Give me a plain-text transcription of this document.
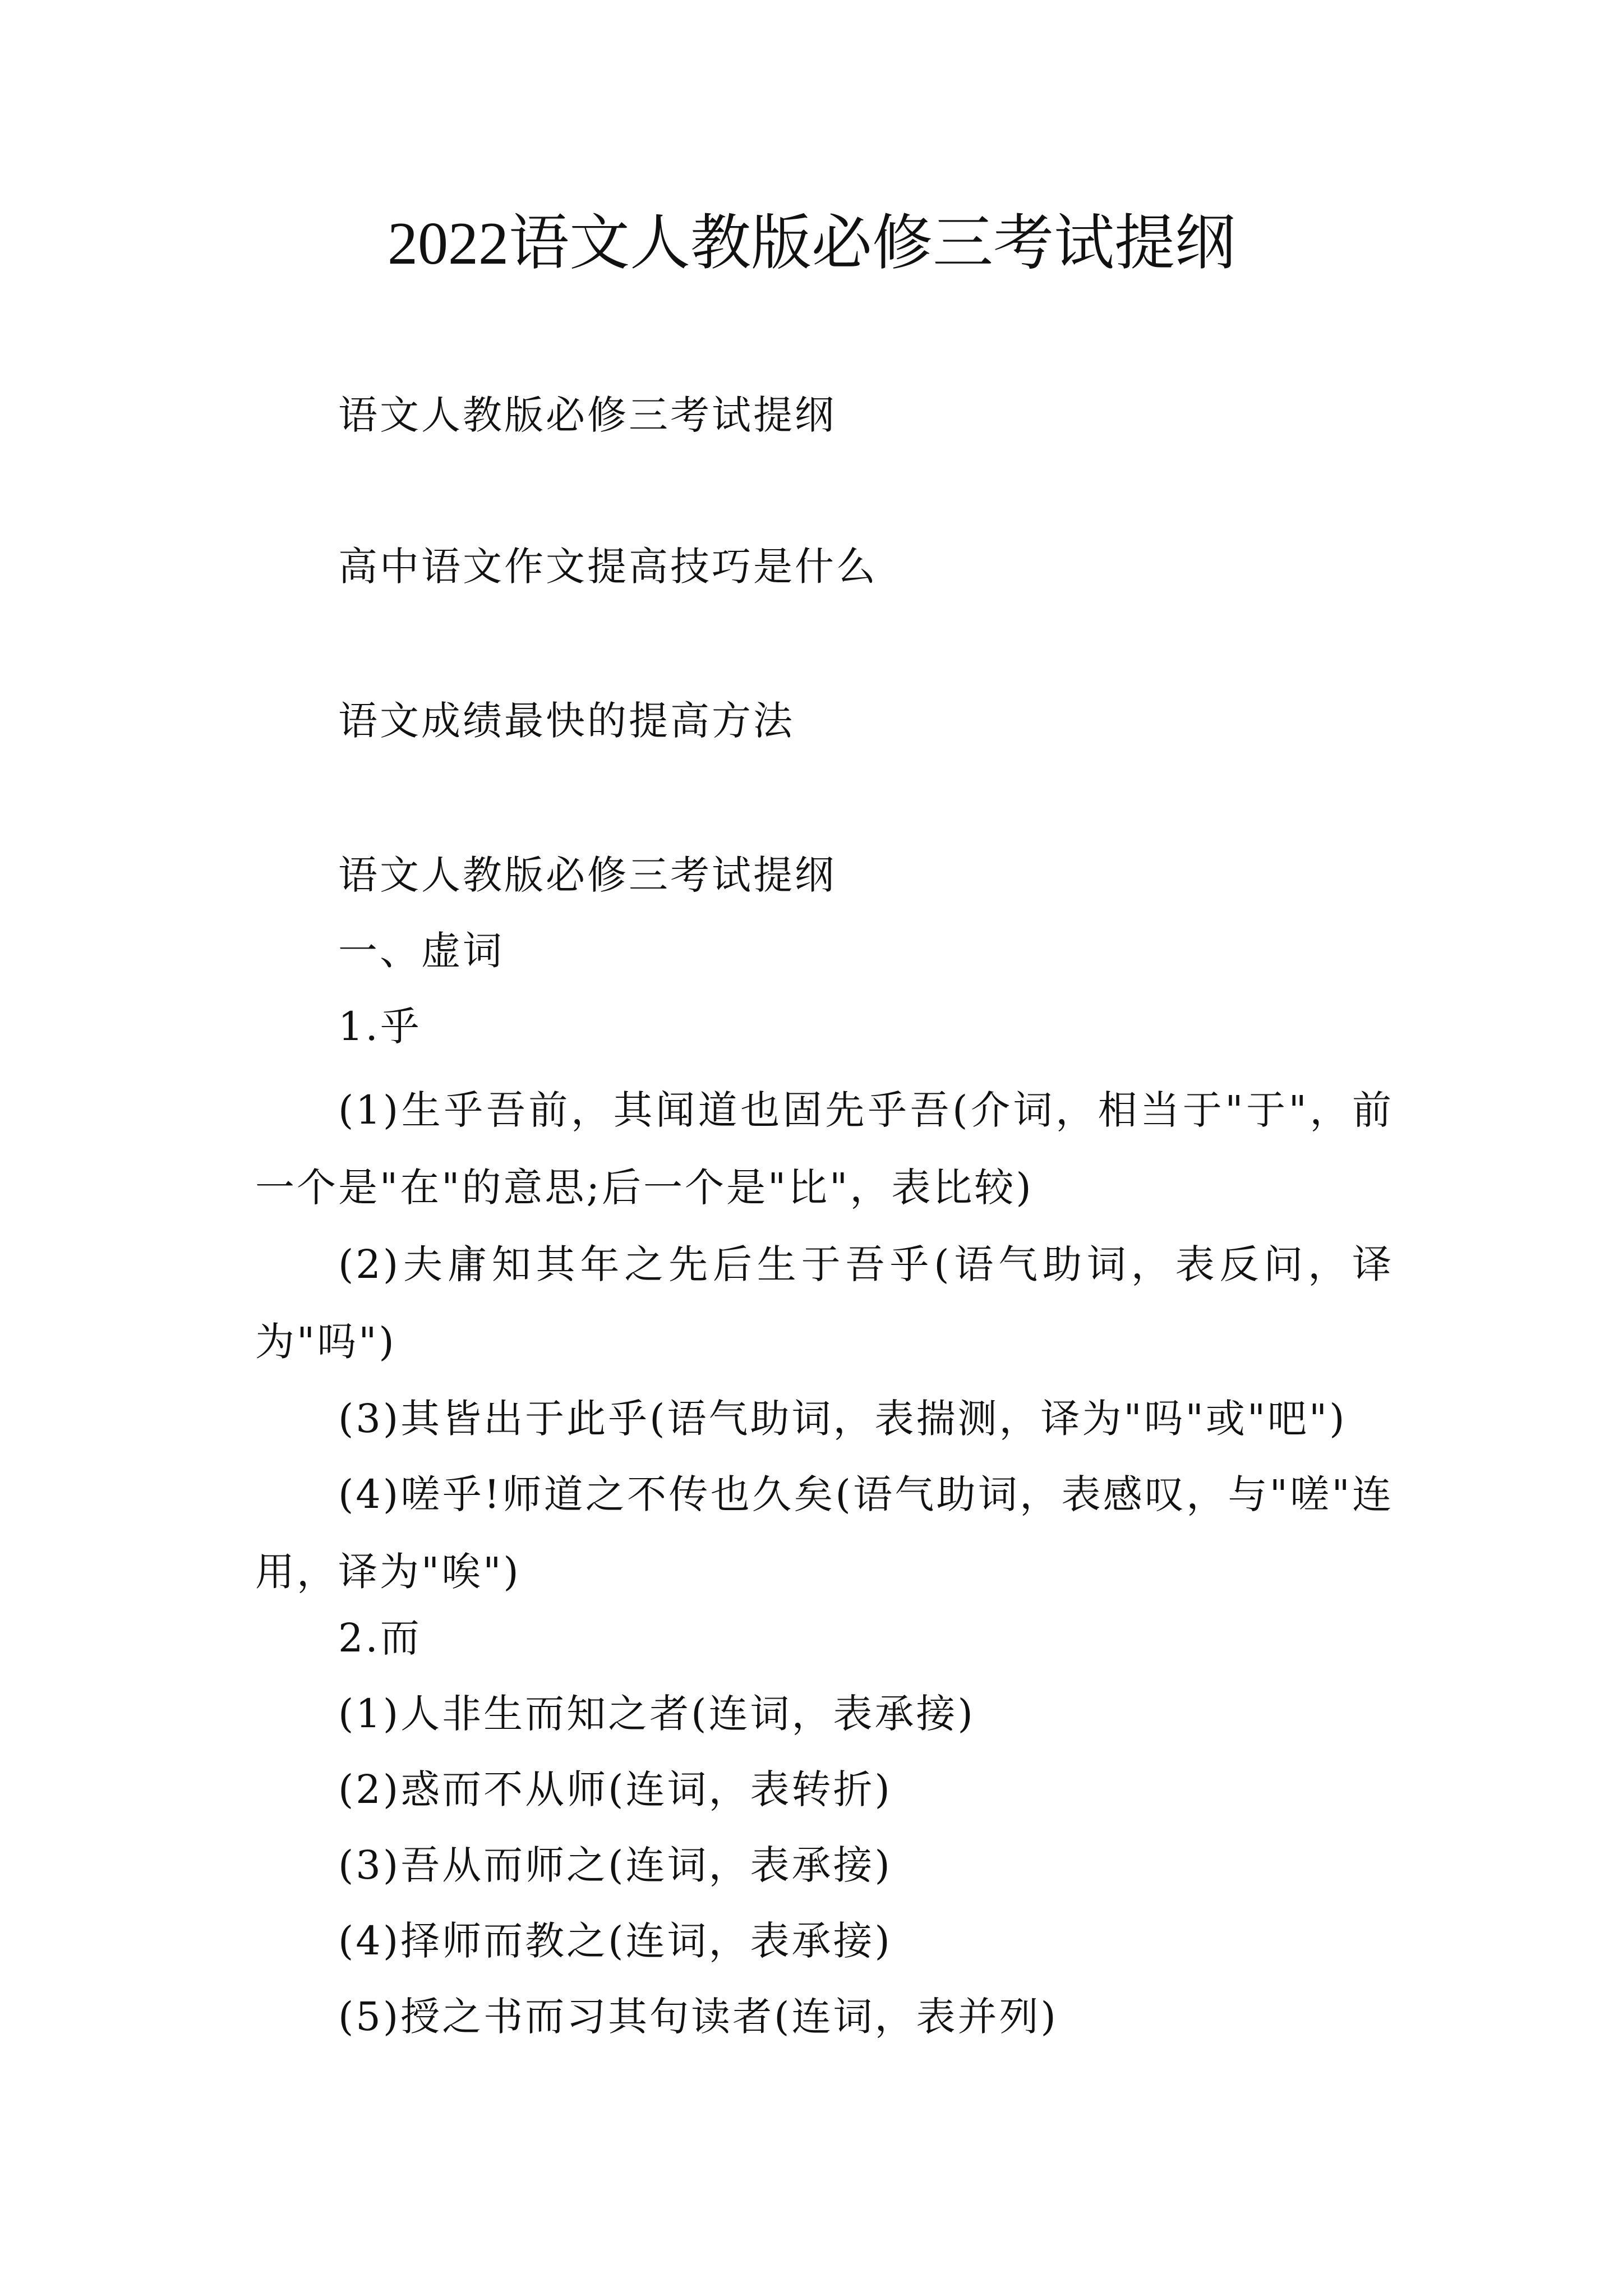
2022语文人教版必修三考试提纲

语文人教版必修三考试提纲

高中语文作文提高技巧是什么

语文成绩最快的提高方法

语文人教版必修三考试提纲

一、虚词

1.乎

(1)生乎吾前，其闻道也固先乎吾(介词，相当于"于"，前一个是"在"的意思;后一个是"比"，表比较)

(2)夫庸知其年之先后生于吾乎(语气助词，表反问，译为"吗")

(3)其皆出于此乎(语气助词，表揣测，译为"吗"或"吧")

(4)嗟乎!师道之不传也久矣(语气助词，表感叹，与"嗟"连用，译为"唉")

2.而

(1)人非生而知之者(连词，表承接)

(2)惑而不从师(连词，表转折)

(3)吾从而师之(连词，表承接)

(4)择师而教之(连词，表承接)

(5)授之书而习其句读者(连词，表并列)
